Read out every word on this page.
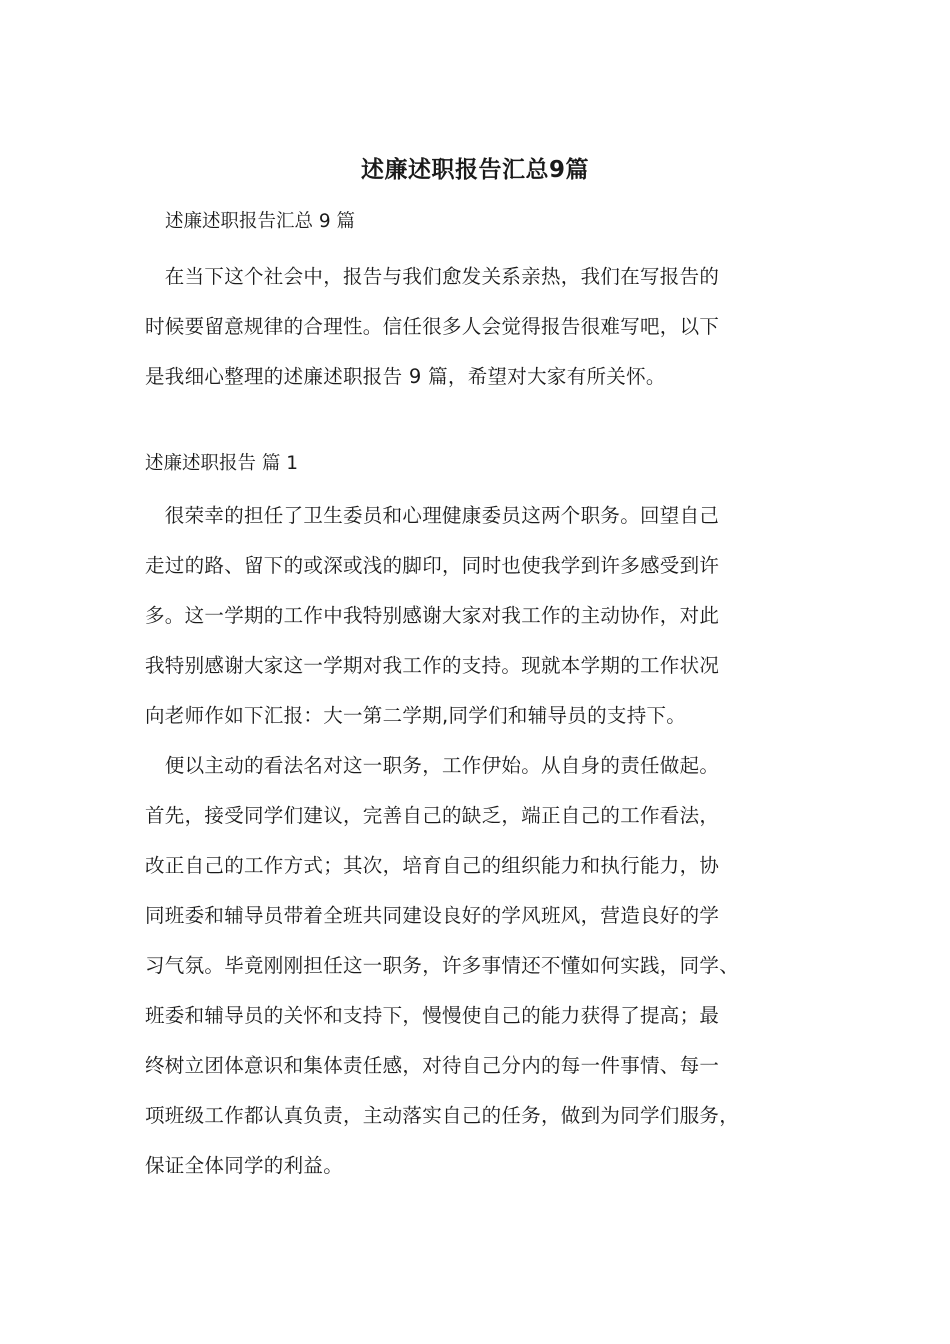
述廉述职报告汇总9篇

述廉述职报告汇总 9 篇

　在当下这个社会中，报告与我们愈发关系亲热，我们在写报告的
时候要留意规律的合理性。信任很多人会觉得报告很难写吧，以下
是我细心整理的述廉述职报告 9 篇，希望对大家有所关怀。

述廉述职报告 篇 1

　很荣幸的担任了卫生委员和心理健康委员这两个职务。回望自己
走过的路、留下的或深或浅的脚印，同时也使我学到许多感受到许
多。这一学期的工作中我特别感谢大家对我工作的主动协作，对此
我特别感谢大家这一学期对我工作的支持。现就本学期的工作状况
向老师作如下汇报：大一第二学期,同学们和辅导员的支持下。
　便以主动的看法名对这一职务，工作伊始。从自身的责任做起。
首先，接受同学们建议，完善自己的缺乏，端正自己的工作看法，
改正自己的工作方式；其次，培育自己的组织能力和执行能力，协
同班委和辅导员带着全班共同建设良好的学风班风，营造良好的学
习气氛。毕竟刚刚担任这一职务，许多事情还不懂如何实践，同学、
班委和辅导员的关怀和支持下，慢慢使自己的能力获得了提高；最
终树立团体意识和集体责任感，对待自己分内的每一件事情、每一
项班级工作都认真负责，主动落实自己的任务，做到为同学们服务，
保证全体同学的利益。
